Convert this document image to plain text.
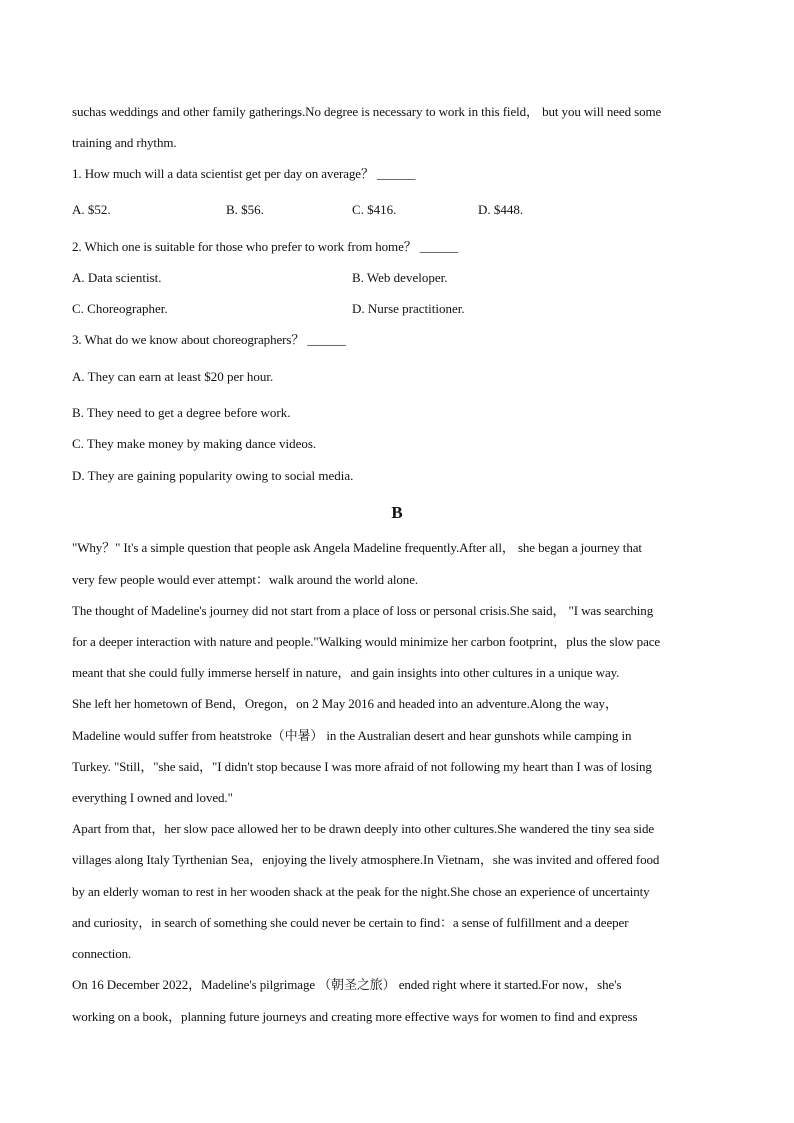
suchas weddings and other family gatherings.No degree is necessary to work in this field， but you will need some
training and rhythm.
1. How much will a data scientist get per day on average？ ______
A. $52.	B. $56.	C. $416.	D. $448.
2. Which one is suitable for those who prefer to work from home？ ______
A. Data scientist.	B. Web developer.
C. Choreographer.	D. Nurse practitioner.
3. What do we know about choreographers？ ______
A. They can earn at least $20 per hour.
B. They need to get a degree before work.
C. They make money by making dance videos.
D. They are gaining popularity owing to social media.
B
"Why？" It's a simple question that people ask Angela Madeline frequently.After all， she began a journey that
very few people would ever attempt：walk around the world alone.
The thought of Madeline's journey did not start from a place of loss or personal crisis.She said， "I was searching
for a deeper interaction with nature and people."Walking would minimize her carbon footprint，plus the slow pace
meant that she could fully immerse herself in nature，and gain insights into other cultures in a unique way.
She left her hometown of Bend，Oregon，on 2 May 2016 and headed into an adventure.Along the way，
Madeline would suffer from heatstroke（中暑） in the Australian desert and hear gunshots while camping in
Turkey. "Still，"she said，"I didn't stop because I was more afraid of not following my heart than I was of losing
everything I owned and loved."
Apart from that，her slow pace allowed her to be drawn deeply into other cultures.She wandered the tiny sea side
villages along Italy Tyrthenian Sea，enjoying the lively atmosphere.In Vietnam，she was invited and offered food
by an elderly woman to rest in her wooden shack at the peak for the night.She chose an experience of uncertainty
and curiosity，in search of something she could never be certain to find：a sense of fulfillment and a deeper
connection.
On 16 December 2022，Madeline's pilgrimage （朝圣之旅） ended right where it started.For now，she's
working on a book，planning future journeys and creating more effective ways for women to find and express
